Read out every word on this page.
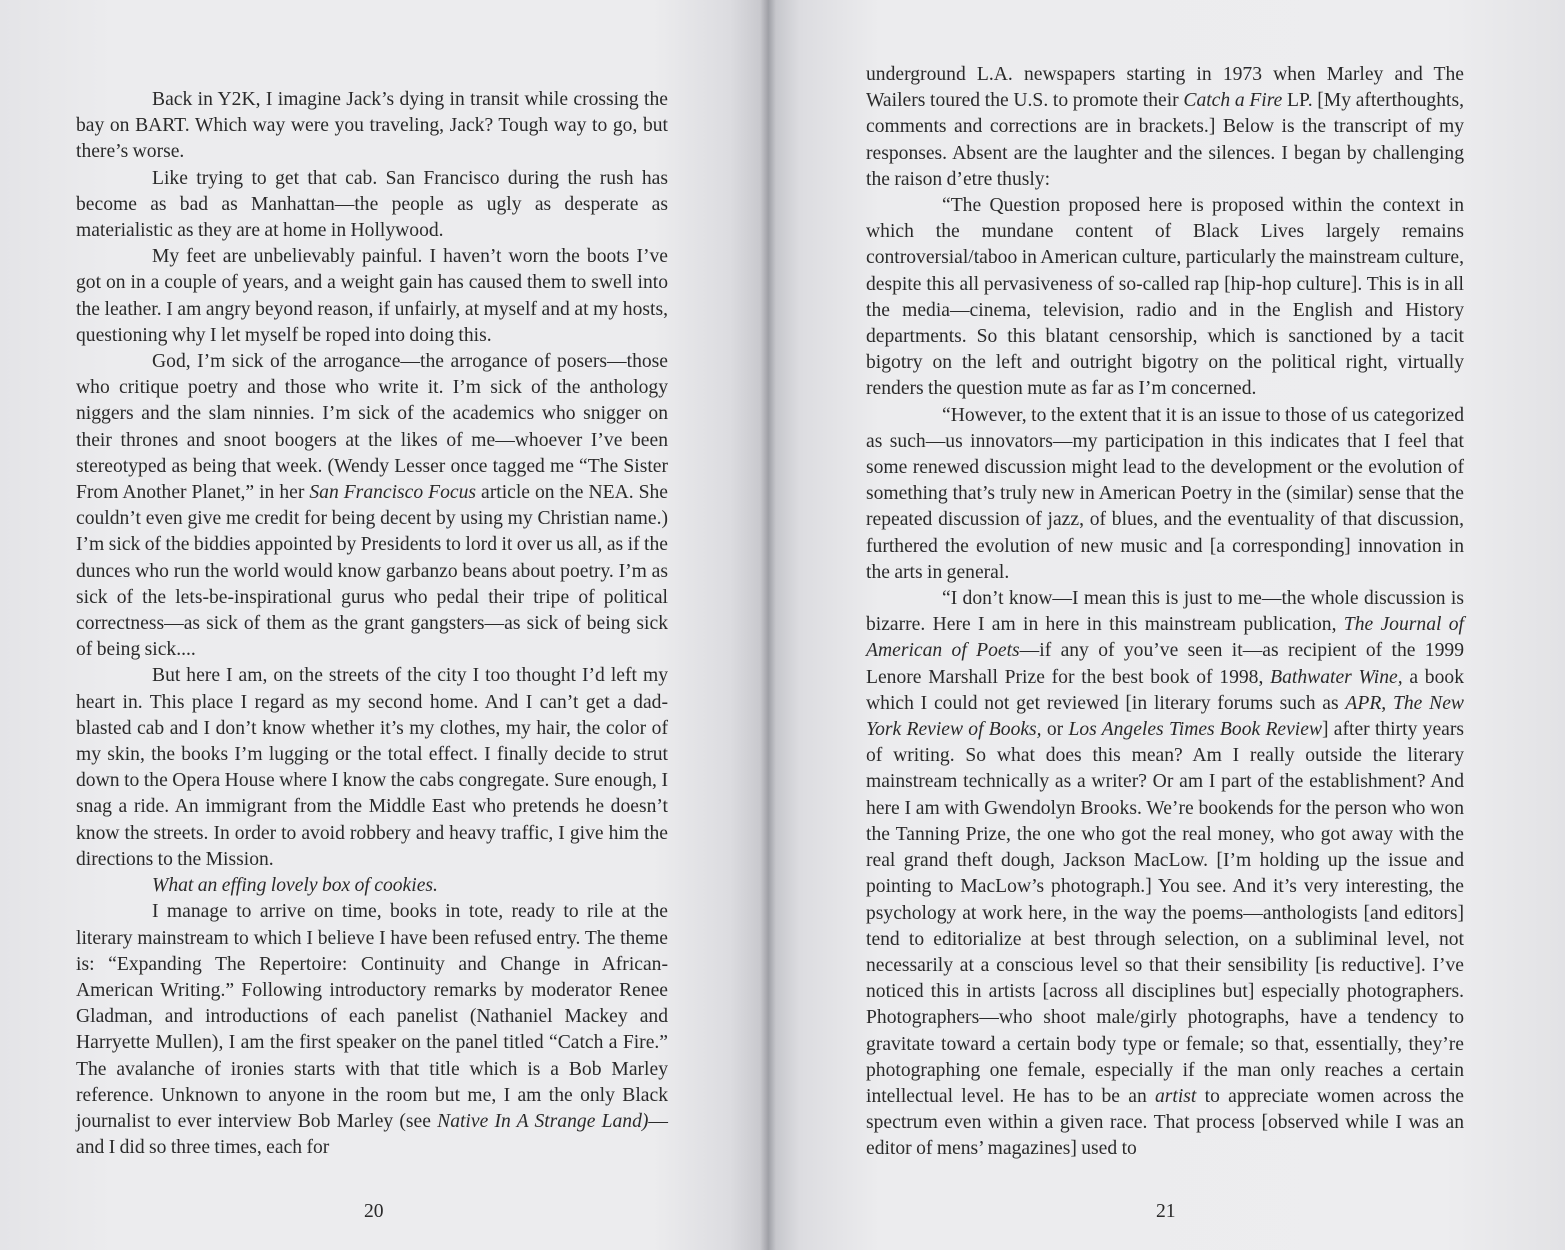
Back in Y2K, I imagine Jack’s dying in transit while crossing the bay on BART. Which way were you traveling, Jack? Tough way to go, but there’s worse.

Like trying to get that cab. San Francisco during the rush has become as bad as Manhattan—the people as ugly as desperate as materialistic as they are at home in Hollywood.

My feet are unbelievably painful. I haven’t worn the boots I’ve got on in a couple of years, and a weight gain has caused them to swell into the leather. I am angry beyond reason, if unfairly, at myself and at my hosts, questioning why I let myself be roped into doing this.

God, I’m sick of the arrogance—the arrogance of posers—those who critique poetry and those who write it. I’m sick of the anthology niggers and the slam ninnies. I’m sick of the academics who snigger on their thrones and snoot boogers at the likes of me—whoever I’ve been stereotyped as being that week. (Wendy Lesser once tagged me “The Sister From Another Planet,” in her San Francisco Focus article on the NEA. She couldn’t even give me credit for being decent by using my Christian name.) I’m sick of the biddies appointed by Presidents to lord it over us all, as if the dunces who run the world would know garbanzo beans about poetry. I’m as sick of the lets-be-inspirational gurus who pedal their tripe of political correctness—as sick of them as the grant gangsters—as sick of being sick of being sick....

But here I am, on the streets of the city I too thought I’d left my heart in. This place I regard as my second home. And I can’t get a dad-blasted cab and I don’t know whether it’s my clothes, my hair, the color of my skin, the books I’m lugging or the total effect. I finally decide to strut down to the Opera House where I know the cabs congregate. Sure enough, I snag a ride. An immigrant from the Middle East who pretends he doesn’t know the streets. In order to avoid robbery and heavy traffic, I give him the directions to the Mission.

What an effing lovely box of cookies.

I manage to arrive on time, books in tote, ready to rile at the literary mainstream to which I believe I have been refused entry. The theme is: “Expanding The Repertoire: Continuity and Change in African-American Writing.” Following introductory remarks by moderator Renee Gladman, and introductions of each panelist (Nathaniel Mackey and Harryette Mullen), I am the first speaker on the panel titled “Catch a Fire.” The avalanche of ironies starts with that title which is a Bob Marley reference. Unknown to anyone in the room but me, I am the only Black journalist to ever interview Bob Marley (see Native In A Strange Land)—and I did so three times, each for

20	21

underground L.A. newspapers starting in 1973 when Marley and The Wailers toured the U.S. to promote their Catch a Fire LP. [My afterthoughts, comments and corrections are in brackets.] Below is the transcript of my responses. Absent are the laughter and the silences. I began by challenging the raison d’etre thusly:

“The Question proposed here is proposed within the context in which the mundane content of Black Lives largely remains controversial/taboo in American culture, particularly the mainstream culture, despite this all pervasiveness of so-called rap [hip-hop culture]. This is in all the media—cinema, television, radio and in the English and History departments. So this blatant censorship, which is sanctioned by a tacit bigotry on the left and outright bigotry on the political right, virtually renders the question mute as far as I’m concerned.

“However, to the extent that it is an issue to those of us categorized as such—us innovators—my participation in this indicates that I feel that some renewed discussion might lead to the development or the evolution of something that’s truly new in American Poetry in the (similar) sense that the repeated discussion of jazz, of blues, and the eventuality of that discussion, furthered the evolution of new music and [a corresponding] innovation in the arts in general.

“I don’t know—I mean this is just to me—the whole discussion is bizarre. Here I am in here in this mainstream publication, The Journal of American of Poets—if any of you’ve seen it—as recipient of the 1999 Lenore Marshall Prize for the best book of 1998, Bathwater Wine, a book which I could not get reviewed [in literary forums such as APR, The New York Review of Books, or Los Angeles Times Book Review] after thirty years of writing. So what does this mean? Am I really outside the literary mainstream technically as a writer? Or am I part of the establishment? And here I am with Gwendolyn Brooks. We’re bookends for the person who won the Tanning Prize, the one who got the real money, who got away with the real grand theft dough, Jackson MacLow. [I’m holding up the issue and pointing to MacLow’s photograph.] You see. And it’s very interesting, the psychology at work here, in the way the poems—anthologists [and editors] tend to editorialize at best through selection, on a subliminal level, not necessarily at a conscious level so that their sensibility [is reductive]. I’ve noticed this in artists [across all disciplines but] especially photographers. Photographers—who shoot male/girly photographs, have a tendency to gravitate toward a certain body type or female; so that, essentially, they’re photographing one female, especially if the man only reaches a certain intellectual level. He has to be an artist to appreciate women across the spectrum even within a given race. That process [observed while I was an editor of mens’ magazines] used to
